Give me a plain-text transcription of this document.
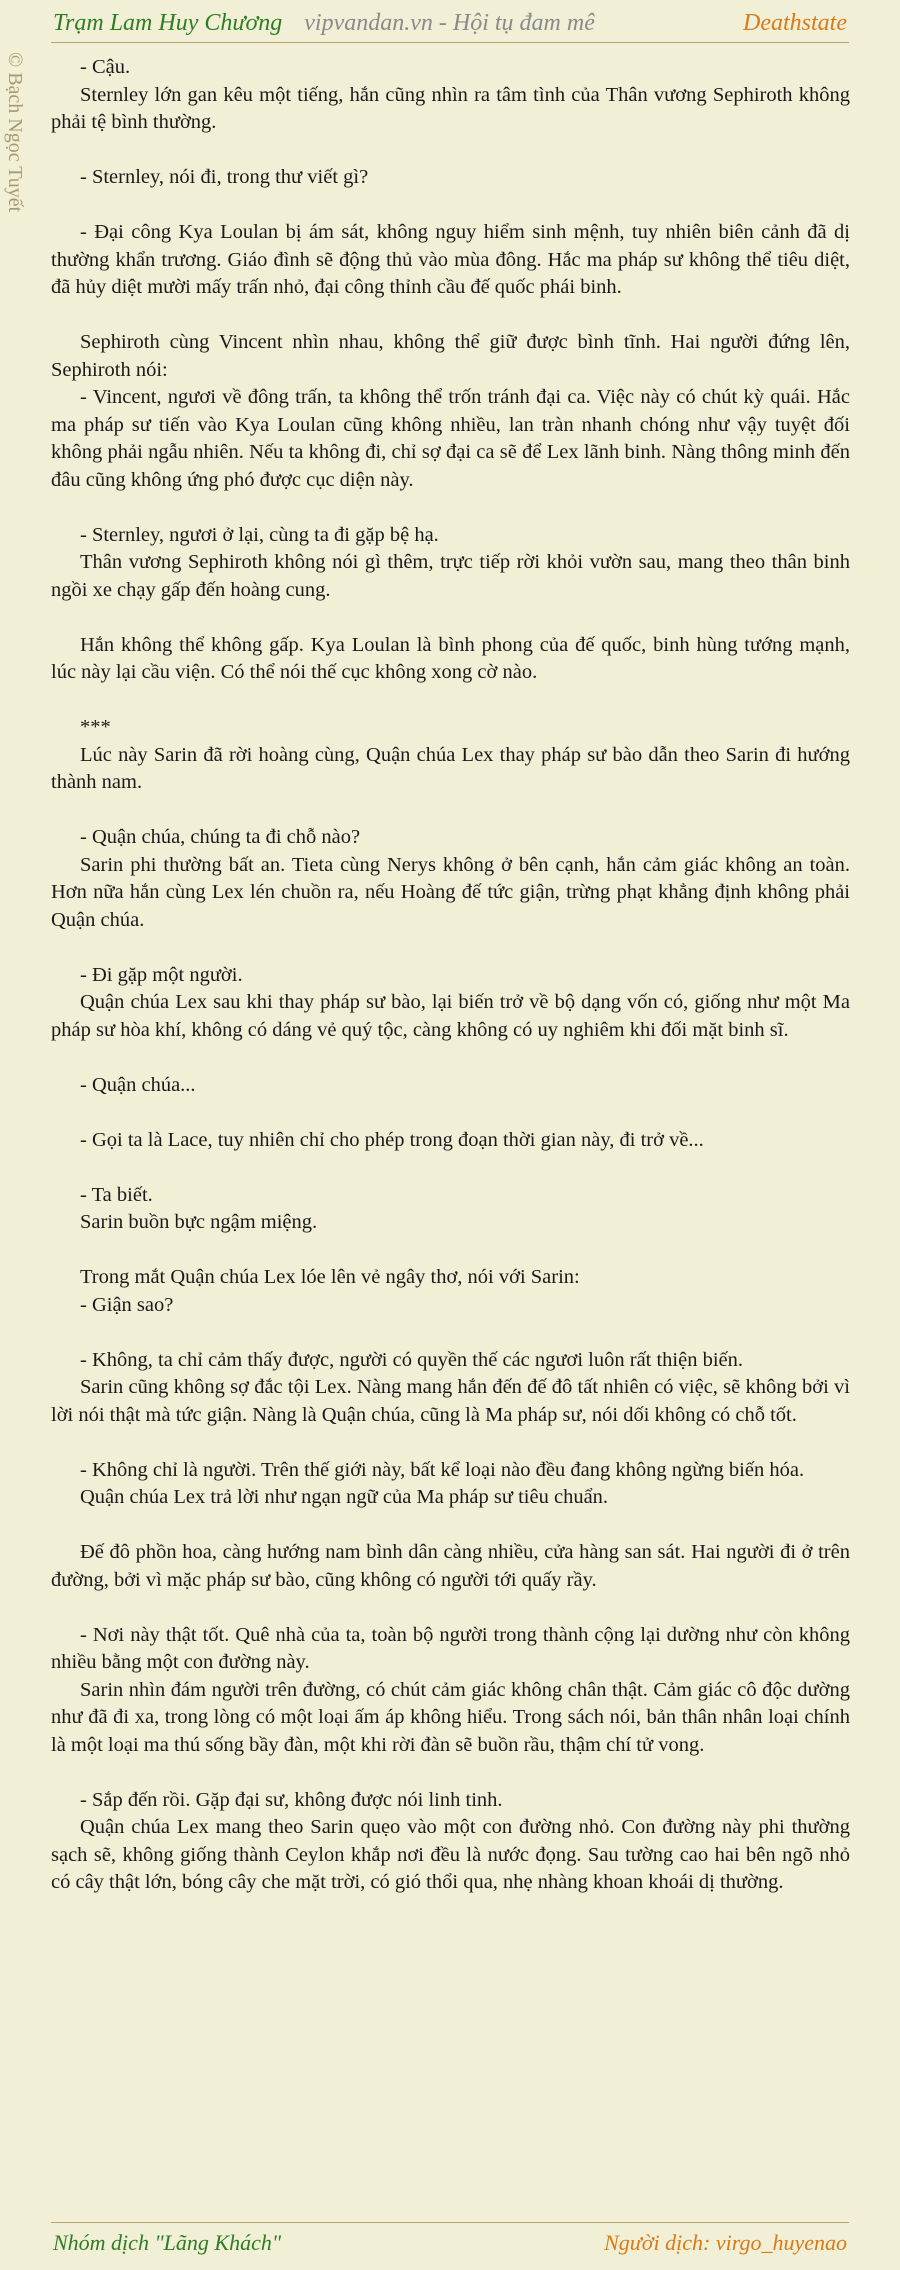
Trạm Lam Huy Chương vipvandan.vn - Hội tụ đam mê	Deathstate
© Bạch Ngọc Tuyết	- Cậu.

Sternley lớn gan kêu một tiếng, hắn cũng nhìn ra tâm tình của Thân vương Sephiroth không phải tệ bình thường.

- Sternley, nói đi, trong thư viết gì?

- Đại công Kya Loulan bị ám sát, không nguy hiểm sinh mệnh, tuy nhiên biên cảnh đã dị thường khẩn trương. Giáo đình sẽ động thủ vào mùa đông. Hắc ma pháp sư không thể tiêu diệt, đã hủy diệt mười mấy trấn nhỏ, đại công thỉnh cầu đế quốc phái binh.

Sephiroth cùng Vincent nhìn nhau, không thể giữ được bình tĩnh. Hai người đứng lên, Sephiroth nói:

- Vincent, ngươi về đông trấn, ta không thể trốn tránh đại ca. Việc này có chút kỳ quái. Hắc ma pháp sư tiến vào Kya Loulan cũng không nhiều, lan tràn nhanh chóng như vậy tuyệt đối không phải ngẫu nhiên. Nếu ta không đi, chỉ sợ đại ca sẽ để Lex lãnh binh. Nàng thông minh đến đâu cũng không ứng phó được cục diện này.

- Sternley, ngươi ở lại, cùng ta đi gặp bệ hạ.

Thân vương Sephiroth không nói gì thêm, trực tiếp rời khỏi vườn sau, mang theo thân binh ngồi xe chạy gấp đến hoàng cung.

Hắn không thể không gấp. Kya Loulan là bình phong của đế quốc, binh hùng tướng mạnh, lúc này lại cầu viện. Có thể nói thế cục không xong cờ nào.

***

Lúc này Sarin đã rời hoàng cùng, Quận chúa Lex thay pháp sư bào dẫn theo Sarin đi hướng thành nam.

- Quận chúa, chúng ta đi chỗ nào?

Sarin phi thường bất an. Tieta cùng Nerys không ở bên cạnh, hắn cảm giác không an toàn. Hơn nữa hắn cùng Lex lén chuồn ra, nếu Hoàng đế tức giận, trừng phạt khẳng định không phải Quận chúa.

- Đi gặp một người.

Quận chúa Lex sau khi thay pháp sư bào, lại biến trở về bộ dạng vốn có, giống như một Ma pháp sư hòa khí, không có dáng vẻ quý tộc, càng không có uy nghiêm khi đối mặt binh sĩ.

- Quận chúa...

- Gọi ta là Lace, tuy nhiên chỉ cho phép trong đoạn thời gian này, đi trở về...

- Ta biết.

Sarin buồn bực ngậm miệng.

Trong mắt Quận chúa Lex lóe lên vẻ ngây thơ, nói với Sarin:

- Giận sao?

- Không, ta chỉ cảm thấy được, người có quyền thế các ngươi luôn rất thiện biến.

Sarin cũng không sợ đắc tội Lex. Nàng mang hắn đến đế đô tất nhiên có việc, sẽ không bởi vì lời nói thật mà tức giận. Nàng là Quận chúa, cũng là Ma pháp sư, nói dối không có chỗ tốt.

- Không chỉ là người. Trên thế giới này, bất kể loại nào đều đang không ngừng biến hóa.

Quận chúa Lex trả lời như ngạn ngữ của Ma pháp sư tiêu chuẩn.

Đế đô phồn hoa, càng hướng nam bình dân càng nhiều, cửa hàng san sát. Hai người đi ở trên đường, bởi vì mặc pháp sư bào, cũng không có người tới quấy rầy.

- Nơi này thật tốt. Quê nhà của ta, toàn bộ người trong thành cộng lại dường như còn không nhiều bằng một con đường này.

Sarin nhìn đám người trên đường, có chút cảm giác không chân thật. Cảm giác cô độc dường như đã đi xa, trong lòng có một loại ấm áp không hiểu. Trong sách nói, bản thân nhân loại chính là một loại ma thú sống bầy đàn, một khi rời đàn sẽ buồn rầu, thậm chí tử vong.

- Sắp đến rồi. Gặp đại sư, không được nói linh tinh.

Quận chúa Lex mang theo Sarin quẹo vào một con đường nhỏ. Con đường này phi thường sạch sẽ, không giống thành Ceylon khắp nơi đều là nước đọng. Sau tường cao hai bên ngõ nhỏ có cây thật lớn, bóng cây che mặt trời, có gió thổi qua, nhẹ nhàng khoan khoái dị thường.

Nhóm dịch "Lãng Khách"	Người dịch: virgo_huyenao
